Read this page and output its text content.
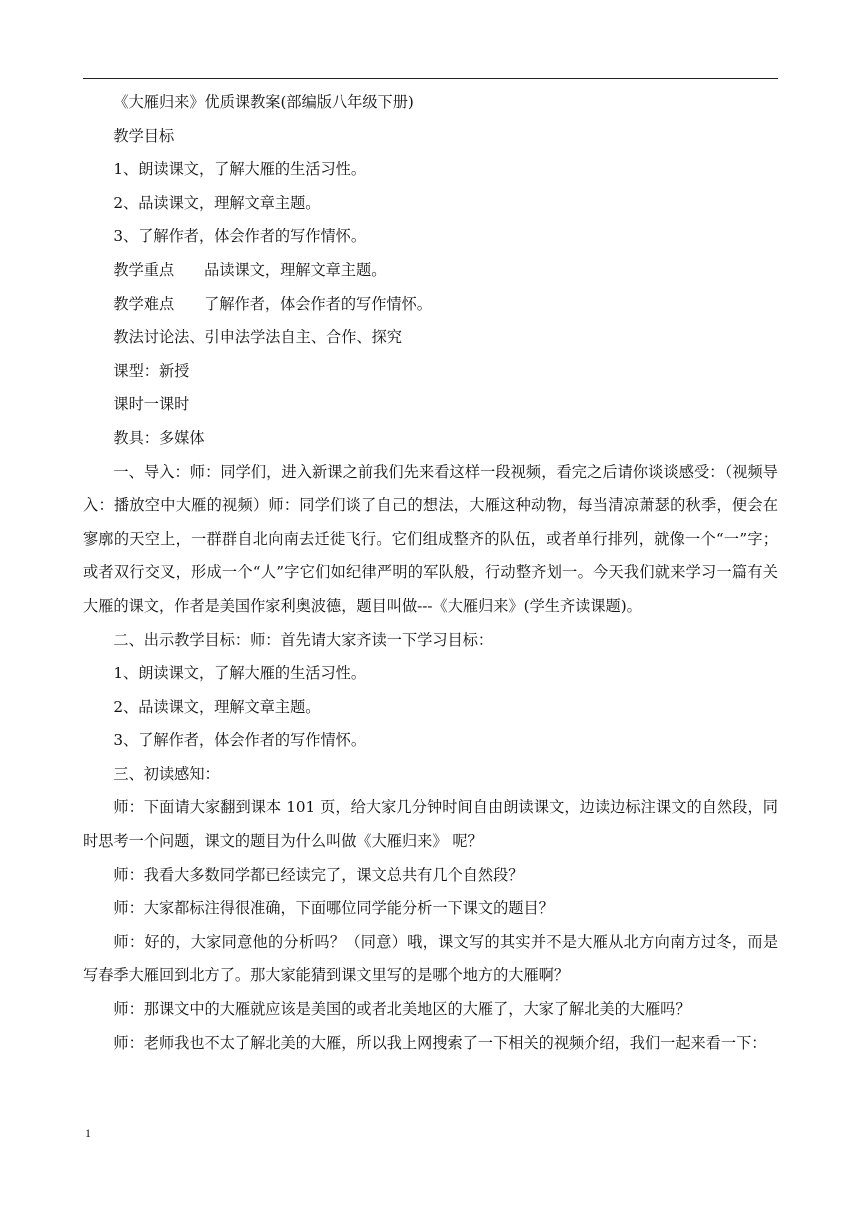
《大雁归来》优质课教案(部编版八年级下册)

教学目标

1、朗读课文，了解大雁的生活习性。

2、品读课文，理解文章主题。

3、了解作者，体会作者的写作情怀。

教学重点 品读课文，理解文章主题。

教学难点 了解作者，体会作者的写作情怀。

教法讨论法、引申法学法自主、合作、探究

课型：新授

课时一课时

教具：多媒体

一、导入：师：同学们，进入新课之前我们先来看这样一段视频，看完之后请你谈谈感受：（视频导入：播放空中大雁的视频）师：同学们谈了自己的想法，大雁这种动物，每当清凉萧瑟的秋季，便会在寥廓的天空上，一群群自北向南去迁徙飞行。它们组成整齐的队伍，或者单行排列，就像一个“一”字；或者双行交叉，形成一个“人”字它们如纪律严明的军队般，行动整齐划一。今天我们就来学习一篇有关大雁的课文，作者是美国作家利奥波德，题目叫做---《大雁归来》(学生齐读课题)。

二、出示教学目标：师：首先请大家齐读一下学习目标：

1、朗读课文，了解大雁的生活习性。

2、品读课文，理解文章主题。

3、了解作者，体会作者的写作情怀。

三、初读感知：

师：下面请大家翻到课本 101 页，给大家几分钟时间自由朗读课文，边读边标注课文的自然段，同时思考一个问题，课文的题目为什么叫做《大雁归来》 呢？

师：我看大多数同学都已经读完了，课文总共有几个自然段？

师：大家都标注得很准确，下面哪位同学能分析一下课文的题目？

师：好的，大家同意他的分析吗？（同意）哦，课文写的其实并不是大雁从北方向南方过冬，而是写春季大雁回到北方了。那大家能猜到课文里写的是哪个地方的大雁啊？

师：那课文中的大雁就应该是美国的或者北美地区的大雁了，大家了解北美的大雁吗？

师：老师我也不太了解北美的大雁，所以我上网搜索了一下相关的视频介绍，我们一起来看一下：

1
